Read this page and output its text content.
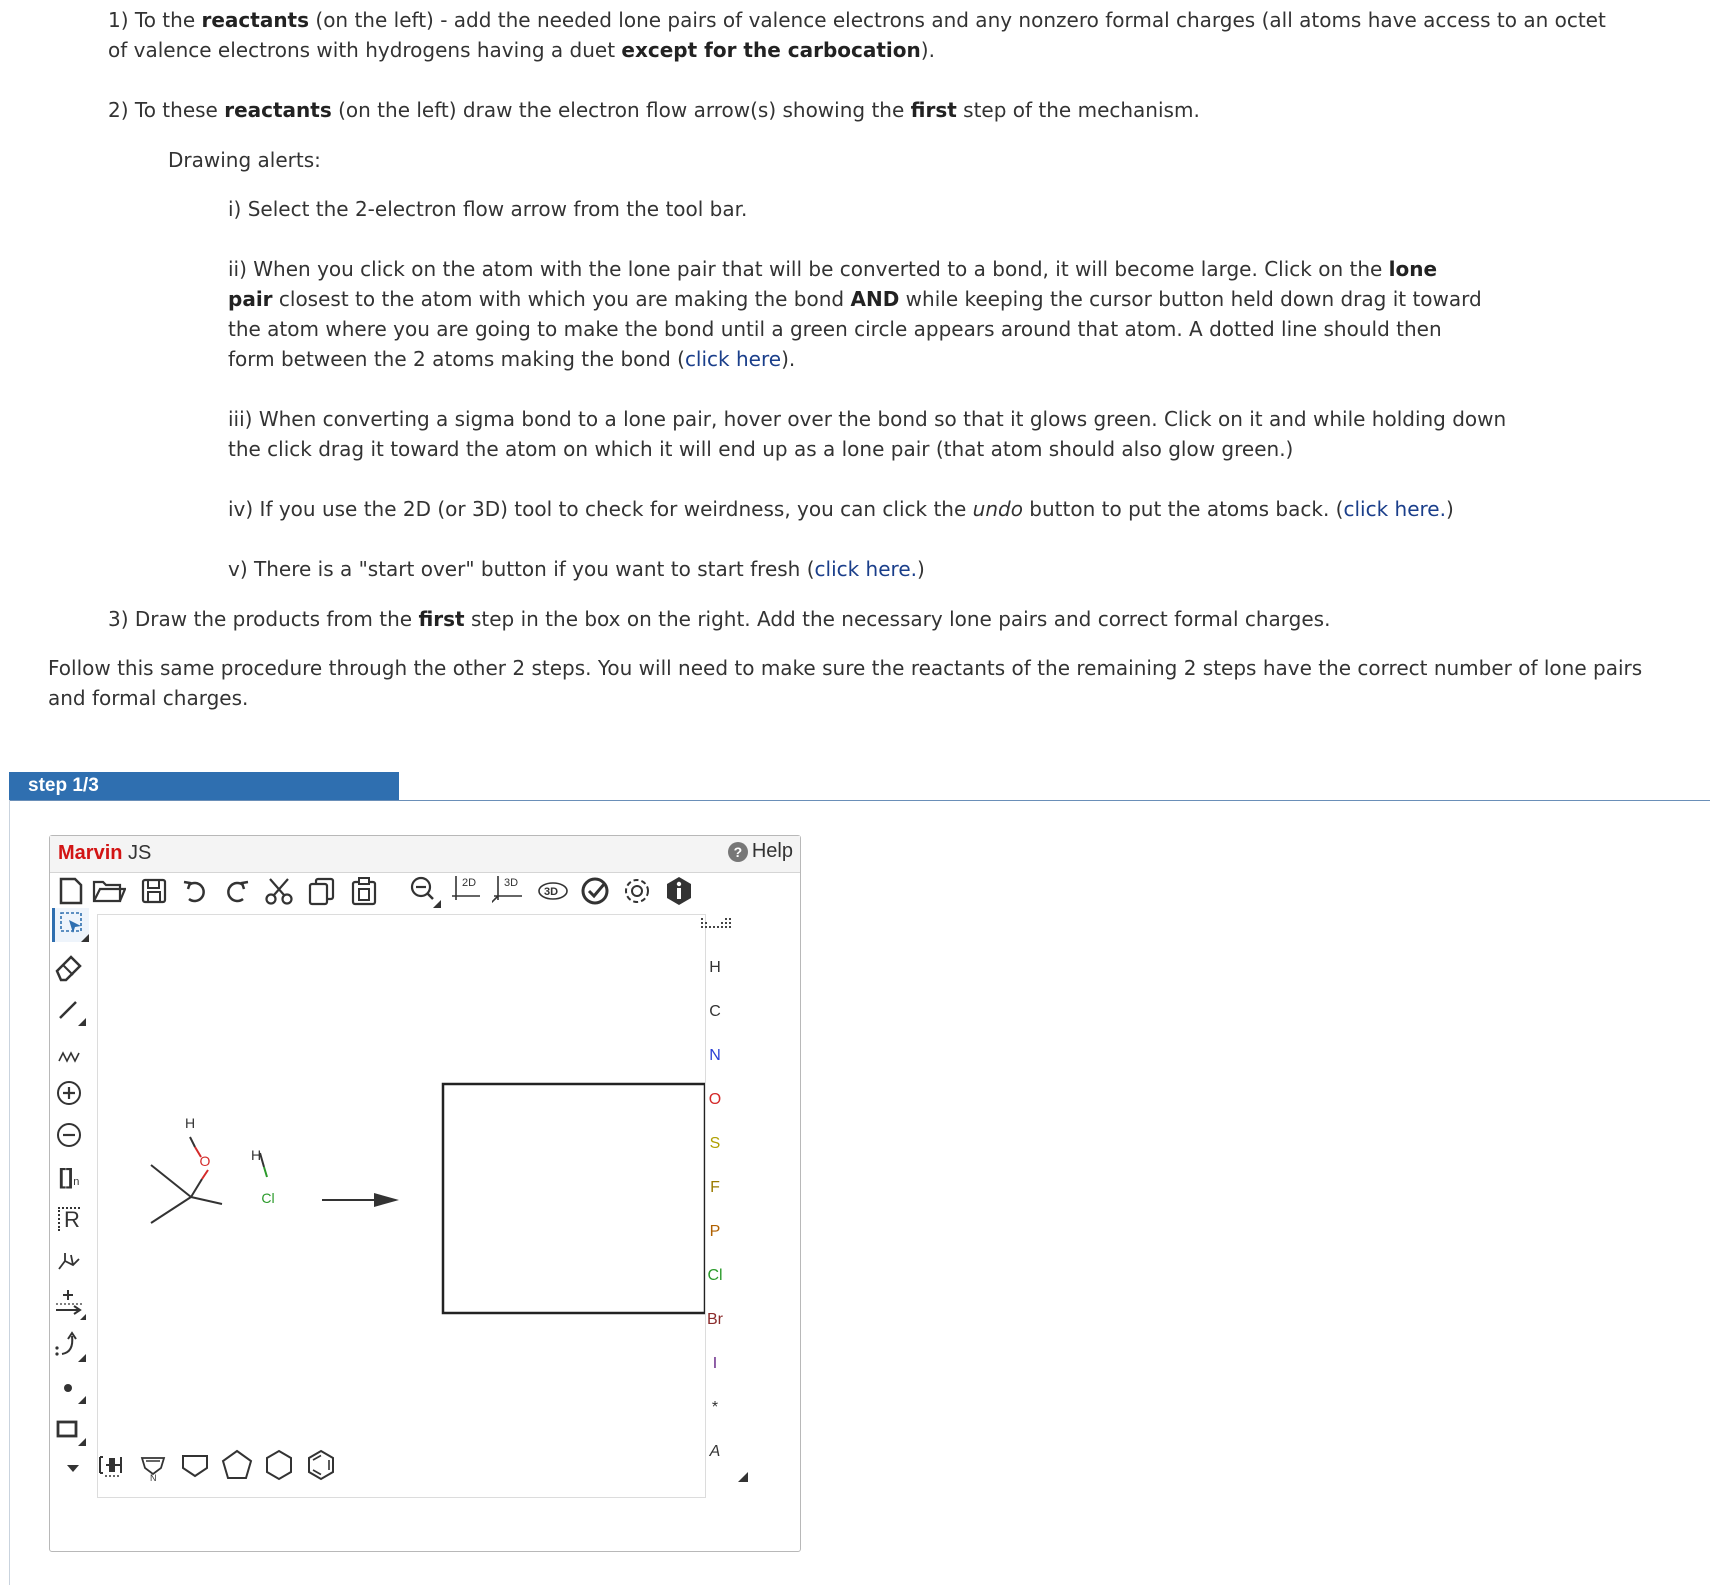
1) To the reactants (on the left) - add the needed lone pairs of valence electrons and any nonzero formal charges (all atoms have access to an octet of valence electrons with hydrogens having a duet except for the carbocation).

2) To these reactants (on the left) draw the electron flow arrow(s) showing the first step of the mechanism.

Drawing alerts:

i) Select the 2-electron flow arrow from the tool bar.

ii) When you click on the atom with the lone pair that will be converted to a bond, it will become large. Click on the lone pair closest to the atom with which you are making the bond AND while keeping the cursor button held down drag it toward the atom where you are going to make the bond until a green circle appears around that atom. A dotted line should then form between the 2 atoms making the bond (click here).

iii) When converting a sigma bond to a lone pair, hover over the bond so that it glows green. Click on it and while holding down the click drag it toward the atom on which it will end up as a lone pair (that atom should also glow green.)

iv) If you use the 2D (or 3D) tool to check for weirdness, you can click the undo button to put the atoms back. (click here.)

v) There is a "start over" button if you want to start fresh (click here.)

3) Draw the products from the first step in the box on the right. Add the necessary lone pairs and correct formal charges.

Follow this same procedure through the other 2 steps. You will need to make sure the reactants of the remaining 2 steps have the correct number of lone pairs and formal charges.

step 1/3
Marvin JS	? Help
2D	3D
3D
[] n
R
H
O	H
Cl
H
C
N
O
S
F
P
Cl
Br
I
*
A
N
